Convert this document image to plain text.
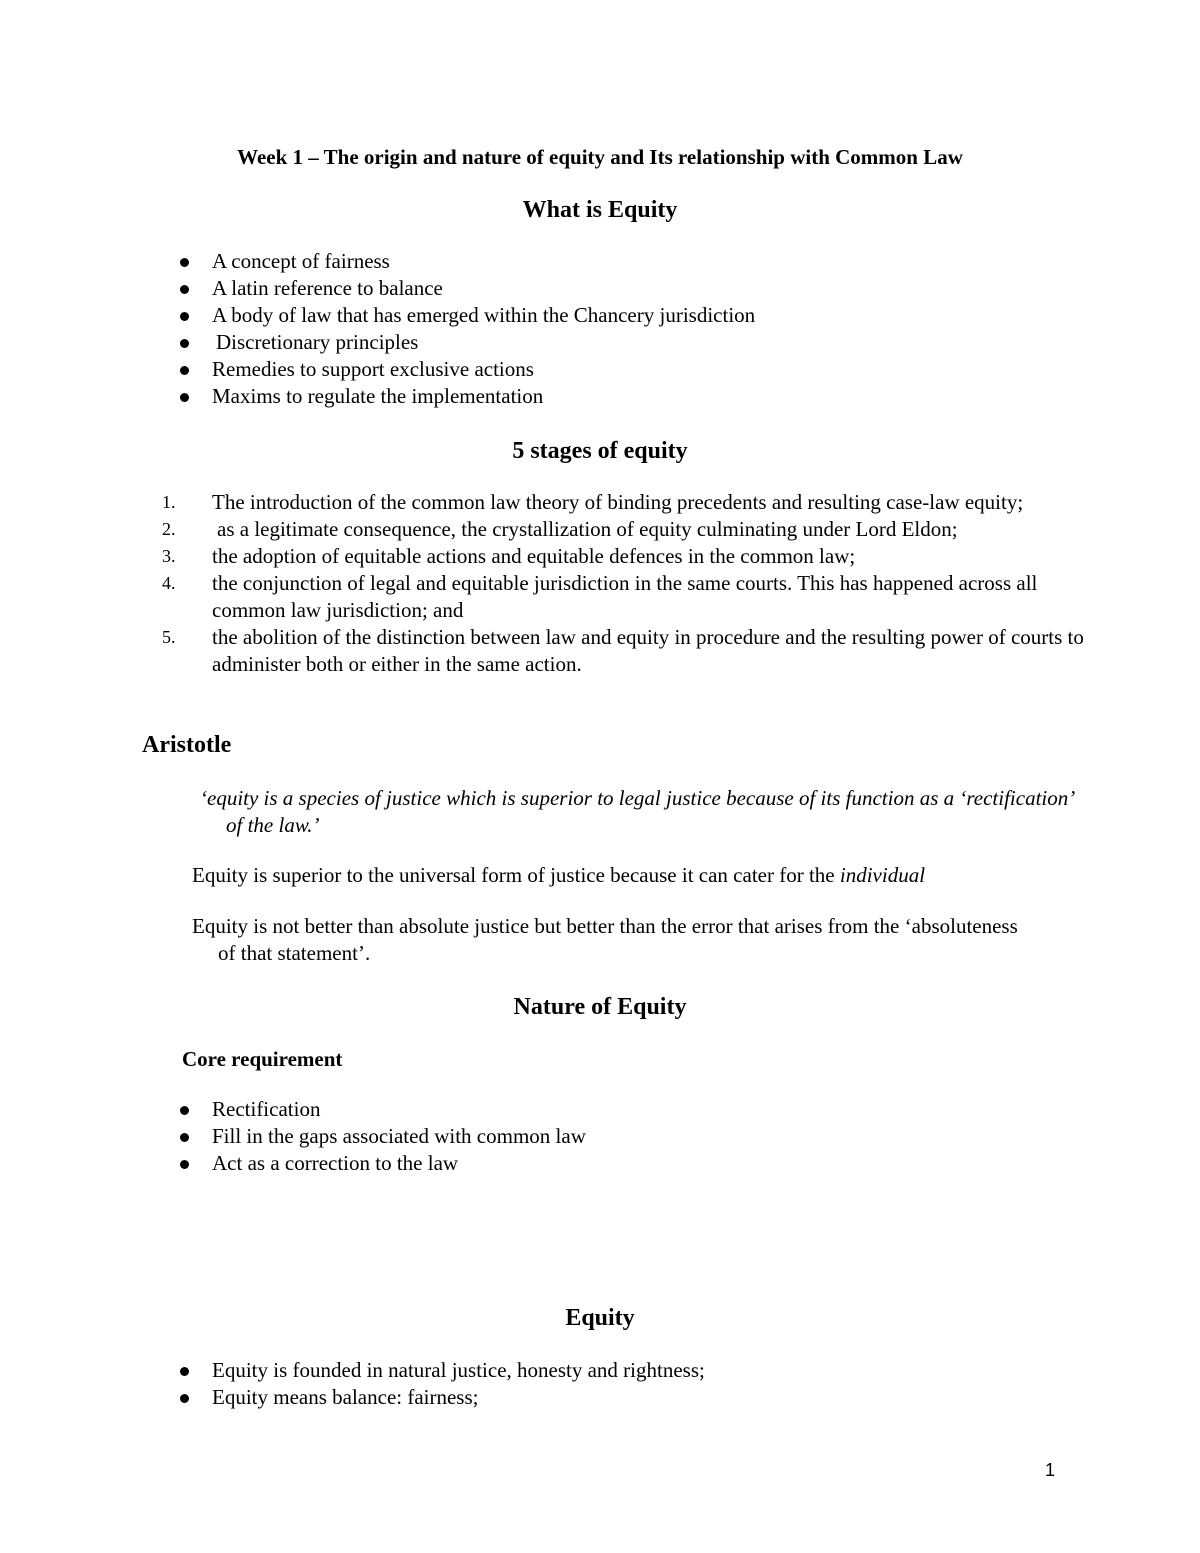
Week 1 – The origin and nature of equity and Its relationship with Common Law
What is Equity
A concept of fairness
A latin reference to balance
A body of law that has emerged within the Chancery jurisdiction
Discretionary principles
Remedies to support exclusive actions
Maxims to regulate the implementation
5 stages of equity
1.	The introduction of the common law theory of binding precedents and resulting case-law equity;
2.	as a legitimate consequence, the crystallization of equity culminating under Lord Eldon;
3.	the adoption of equitable actions and equitable defences in the common law;
4.	the conjunction of legal and equitable jurisdiction in the same courts. This has happened across all common law jurisdiction; and
5.	the abolition of the distinction between law and equity in procedure and the resulting power of courts to administer both or either in the same action.
Aristotle

‘equity is a species of justice which is superior to legal justice because of its function as a ‘rectification’ of the law.’

Equity is superior to the universal form of justice because it can cater for the individual

Equity is not better than absolute justice but better than the error that arises from the ‘absoluteness of that statement’.

Nature of Equity
Core requirement
Rectification
Fill in the gaps associated with common law
Act as a correction to the law
Equity
Equity is founded in natural justice, honesty and rightness;
Equity means balance: fairness;
1
